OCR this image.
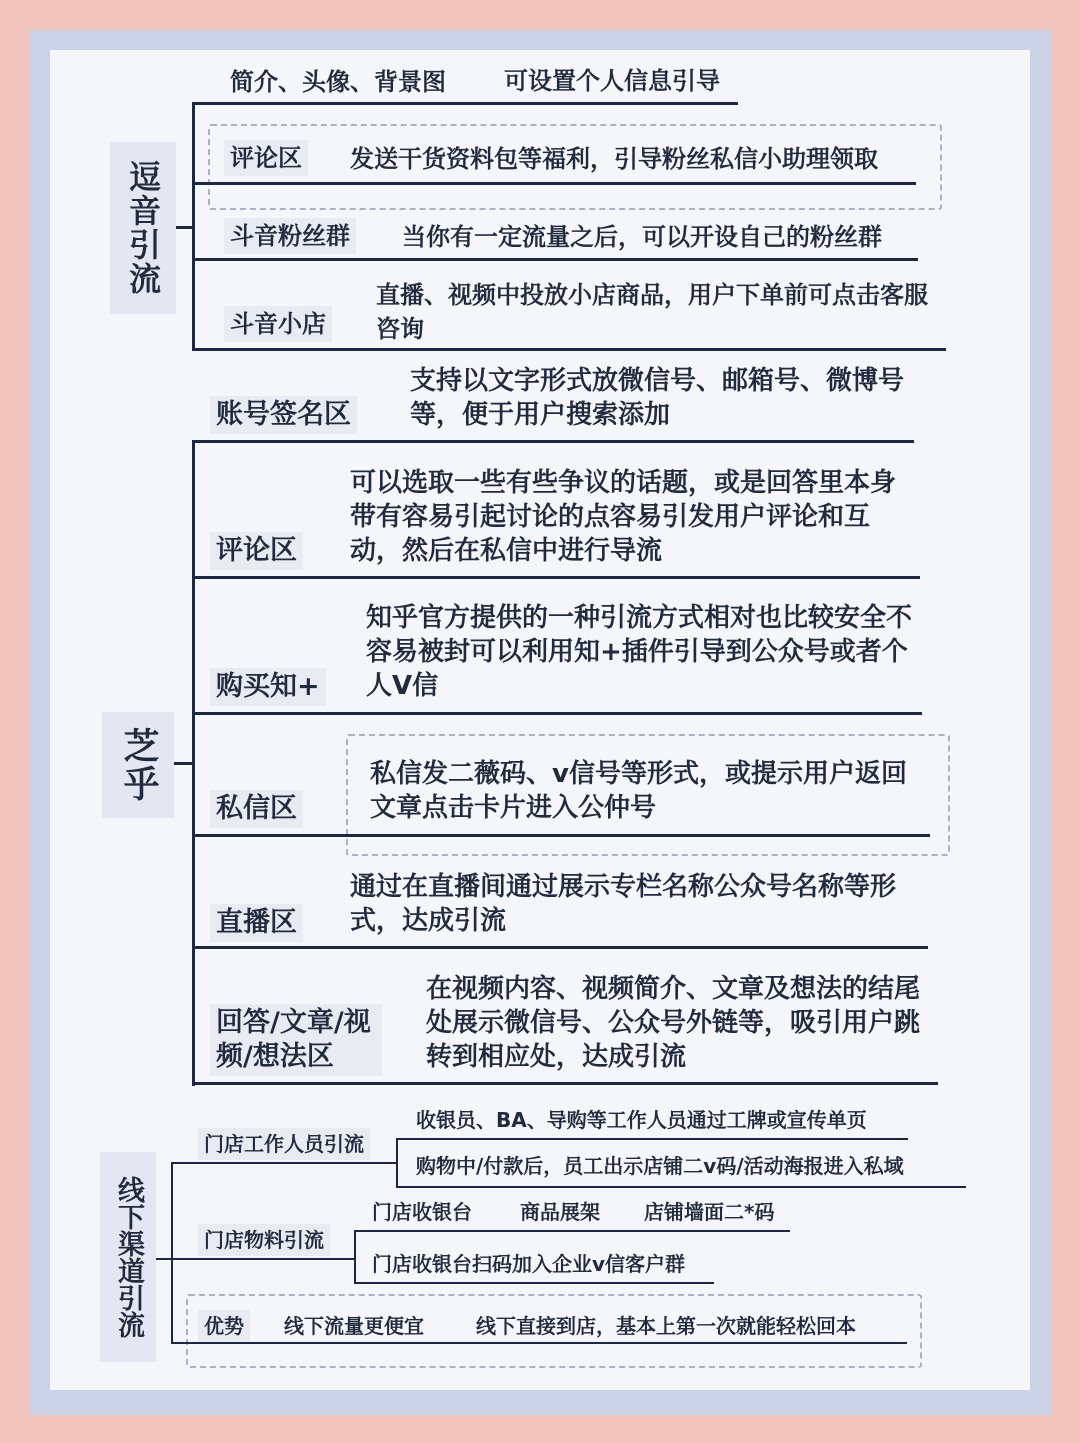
逗音引流
简介、头像、背景图 可设置个人信息引导
评论区 发送干货资料包等福利，引导粉丝私信小助理领取
斗音粉丝群 当你有一定流量之后，可以开设自己的粉丝群
斗音小店
直播、视频中投放小店商品，用户下单前可点击客服咨询
账号签名区
支持以文字形式放微信号、邮箱号、微博号等，便于用户搜索添加
芝乎
评论区
可以选取一些有些争议的话题，或是回答里本身带有容易引起讨论的点容易引发用户评论和互动，然后在私信中进行导流
购买知+
知乎官方提供的一种引流方式相对也比较安全不容易被封可以利用知+插件引导到公众号或者个人V信
私信区
私信发二薇码、v信号等形式，或提示用户返回文章点击卡片进入公仲号
直播区
通过在直播间通过展示专栏名称公众号名称等形式，达成引流
回答/文章/视频/想法区
在视频内容、视频简介、文章及想法的结尾处展示微信号、公众号外链等，吸引用户跳转到相应处，达成引流
线下渠道引流
门店工作人员引流
收银员、BA、导购等工作人员通过工牌或宣传单页
购物中/付款后，员工出示店铺二v码/活动海报进入私域
门店物料引流
门店收银台 商品展架 店铺墙面二*码
门店收银台扫码加入企业v信客户群
优势	线下流量更便宜	线下直接到店，基本上第一次就能轻松回本
